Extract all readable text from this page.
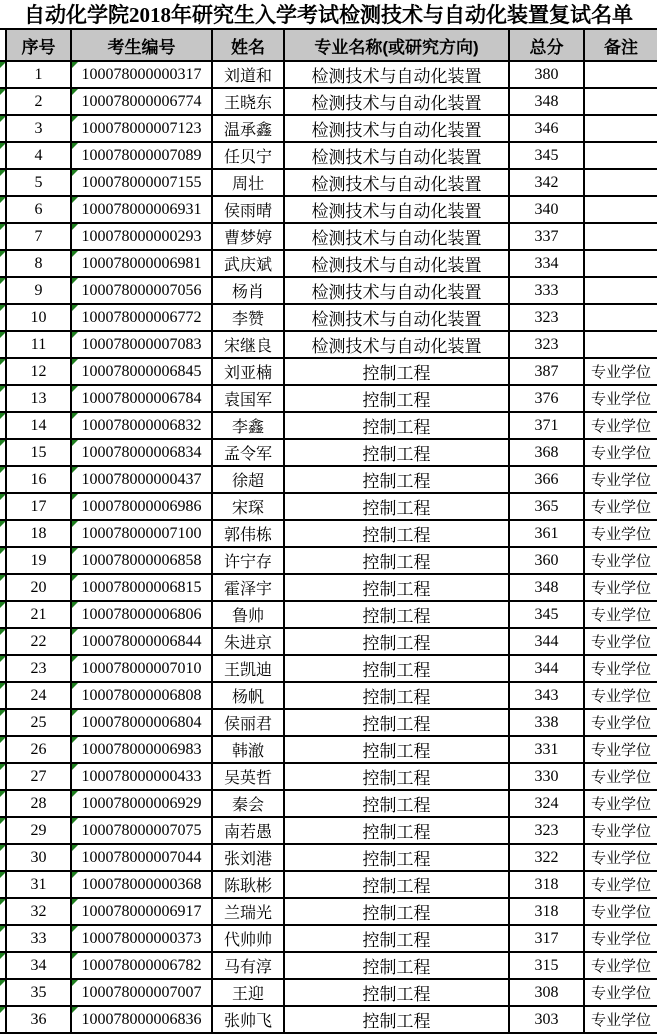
自动化学院2018年研究生入学考试检测技术与自动化装置复试名单
	序号	考生编号	姓名	专业名称(或研究方向)	总分	备注

	1	100078000000317	刘道和	检测技术与自动化装置	380	

	2	100078000006774	王晓东	检测技术与自动化装置	348	

	3	100078000007123	温承鑫	检测技术与自动化装置	346	

	4	100078000007089	任贝宁	检测技术与自动化装置	345	

	5	100078000007155	周壮	检测技术与自动化装置	342	

	6	100078000006931	侯雨晴	检测技术与自动化装置	340	

	7	100078000000293	曹梦婷	检测技术与自动化装置	337	

	8	100078000006981	武庆斌	检测技术与自动化装置	334	

	9	100078000007056	杨肖	检测技术与自动化装置	333	

	10	100078000006772	李赞	检测技术与自动化装置	323	

	11	100078000007083	宋继良	检测技术与自动化装置	323	

	12	100078000006845	刘亚楠	控制工程	387	专业学位

	13	100078000006784	袁国军	控制工程	376	专业学位

	14	100078000006832	李鑫	控制工程	371	专业学位

	15	100078000006834	孟令军	控制工程	368	专业学位

	16	100078000000437	徐超	控制工程	366	专业学位

	17	100078000006986	宋琛	控制工程	365	专业学位

	18	100078000007100	郭伟栋	控制工程	361	专业学位

	19	100078000006858	许宁存	控制工程	360	专业学位

	20	100078000006815	霍泽宇	控制工程	348	专业学位

	21	100078000006806	鲁帅	控制工程	345	专业学位

	22	100078000006844	朱进京	控制工程	344	专业学位

	23	100078000007010	王凯迪	控制工程	344	专业学位

	24	100078000006808	杨帆	控制工程	343	专业学位

	25	100078000006804	侯丽君	控制工程	338	专业学位

	26	100078000006983	韩澈	控制工程	331	专业学位

	27	100078000000433	吴英哲	控制工程	330	专业学位

	28	100078000006929	秦会	控制工程	324	专业学位

	29	100078000007075	南若愚	控制工程	323	专业学位

	30	100078000007044	张刘港	控制工程	322	专业学位

	31	100078000000368	陈耿彬	控制工程	318	专业学位

	32	100078000006917	兰瑞光	控制工程	318	专业学位

	33	100078000000373	代帅帅	控制工程	317	专业学位

	34	100078000006782	马有淳	控制工程	315	专业学位

	35	100078000007007	王迎	控制工程	308	专业学位

	36	100078000006836	张帅飞	控制工程	303	专业学位
